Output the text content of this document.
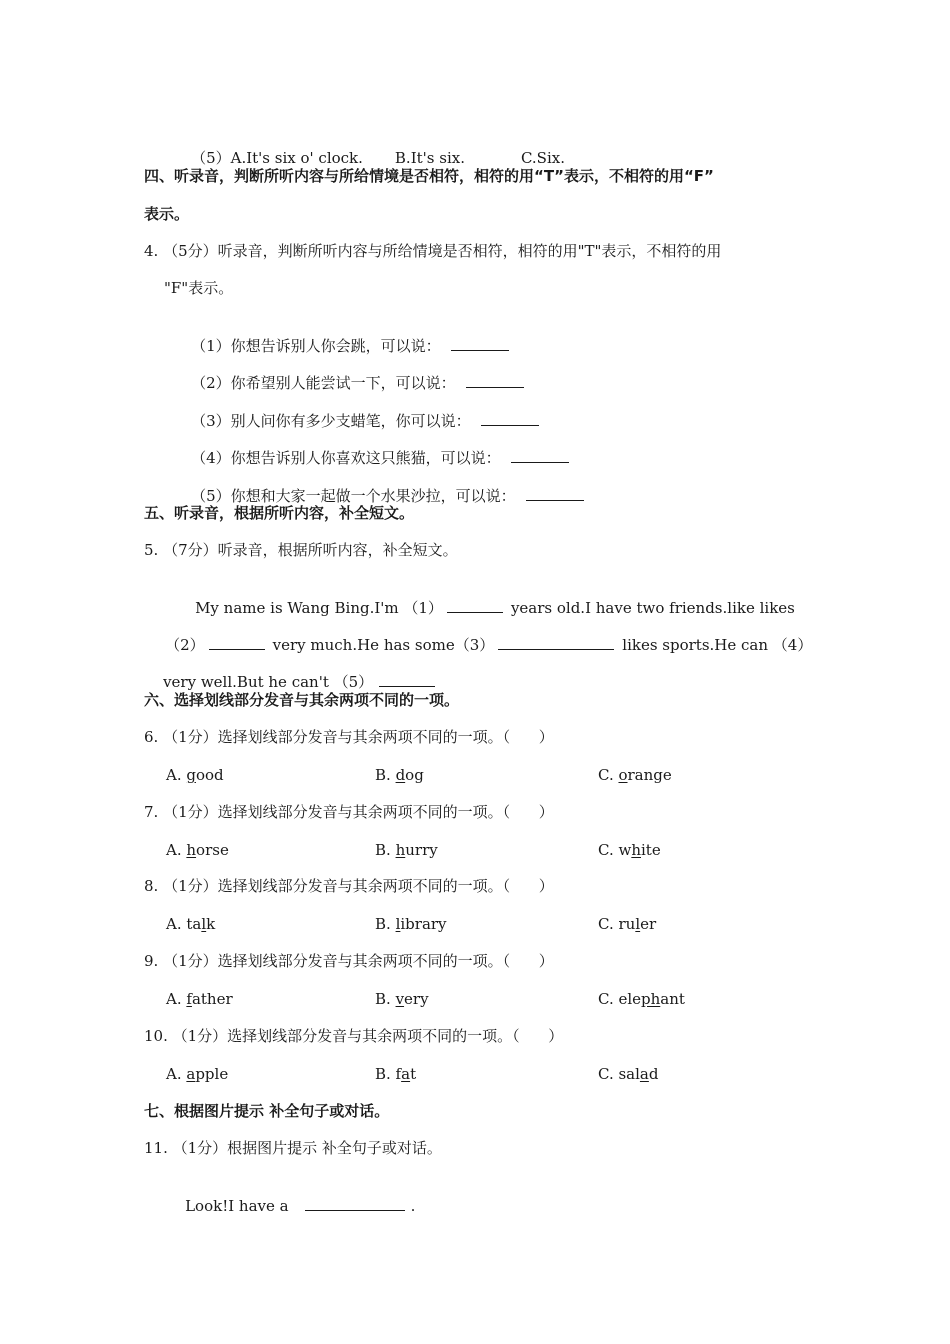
（5）A.It's six o' clock. B.It's six.	C.Six.

四、听录音，判断所听内容与所给情境是否相符，相符的用“T”表示，不相符的用“F”
表示。
4. （5分）听录音，判断所听内容与所给情境是否相符，相符的用"T"表示，不相符的用
"F"表示。

（1）你想告诉别人你会跳，可以说：

（2）你希望别人能尝试一下，可以说：

（3）别人问你有多少支蜡笔，你可以说：

（4）你想告诉别人你喜欢这只熊猫，可以说：

（5）你想和大家一起做一个水果沙拉，可以说：

五、听录音，根据所听内容，补全短文。
5. （7分）听录音，根据所听内容，补全短文。

My name is Wang Bing.I'm （1）	years old.I have two friends.like likes

（2）	very much.He has some（3）	likes sports.He can （4）

very well.But he can't （5）

六、选择划线部分发音与其余两项不同的一项。
6. （1分）选择划线部分发音与其余两项不同的一项。（      ）
A. good	B. dog	C. orange
7. （1分）选择划线部分发音与其余两项不同的一项。（      ）
A. horse	B. hurry	C. white
8. （1分）选择划线部分发音与其余两项不同的一项。（      ）
A. talk	B. library	C. ruler
9. （1分）选择划线部分发音与其余两项不同的一项。（      ）
A. father	B. very	C. elephant
10. （1分）选择划线部分发音与其余两项不同的一项。（      ）
A. apple	B. fat	C. salad
七、根据图片提示 补全句子或对话。
11. （1分）根据图片提示 补全句子或对话。

Look!I have a	.
